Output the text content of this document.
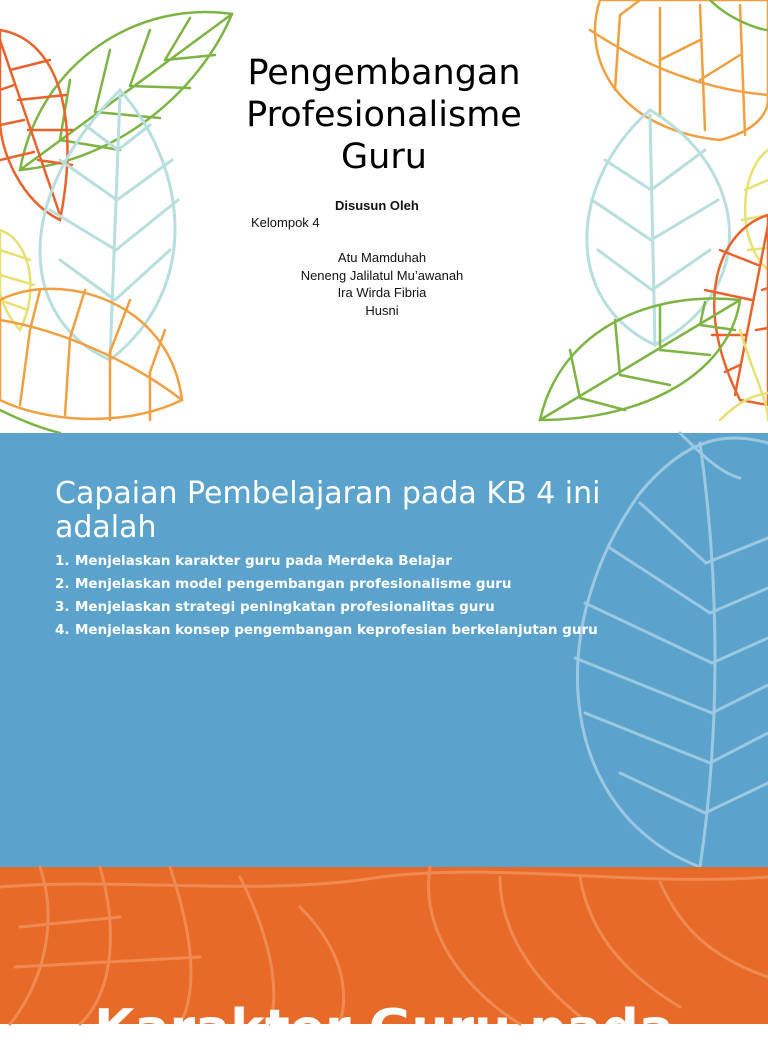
Pengembangan
Profesionalisme
Guru
Disusun Oleh
Kelompok 4
Atu Mamduhah
Neneng Jalilatul Mu’awanah
Ira Wirda Fibria
Husni
Capaian Pembelajaran pada KB 4 ini adalah
1. Menjelaskan karakter guru pada Merdeka Belajar
2. Menjelaskan model pengembangan profesionalisme guru
3. Menjelaskan strategi peningkatan profesionalitas guru
4. Menjelaskan konsep pengembangan keprofesian berkelanjutan guru
Karakter Guru pada
